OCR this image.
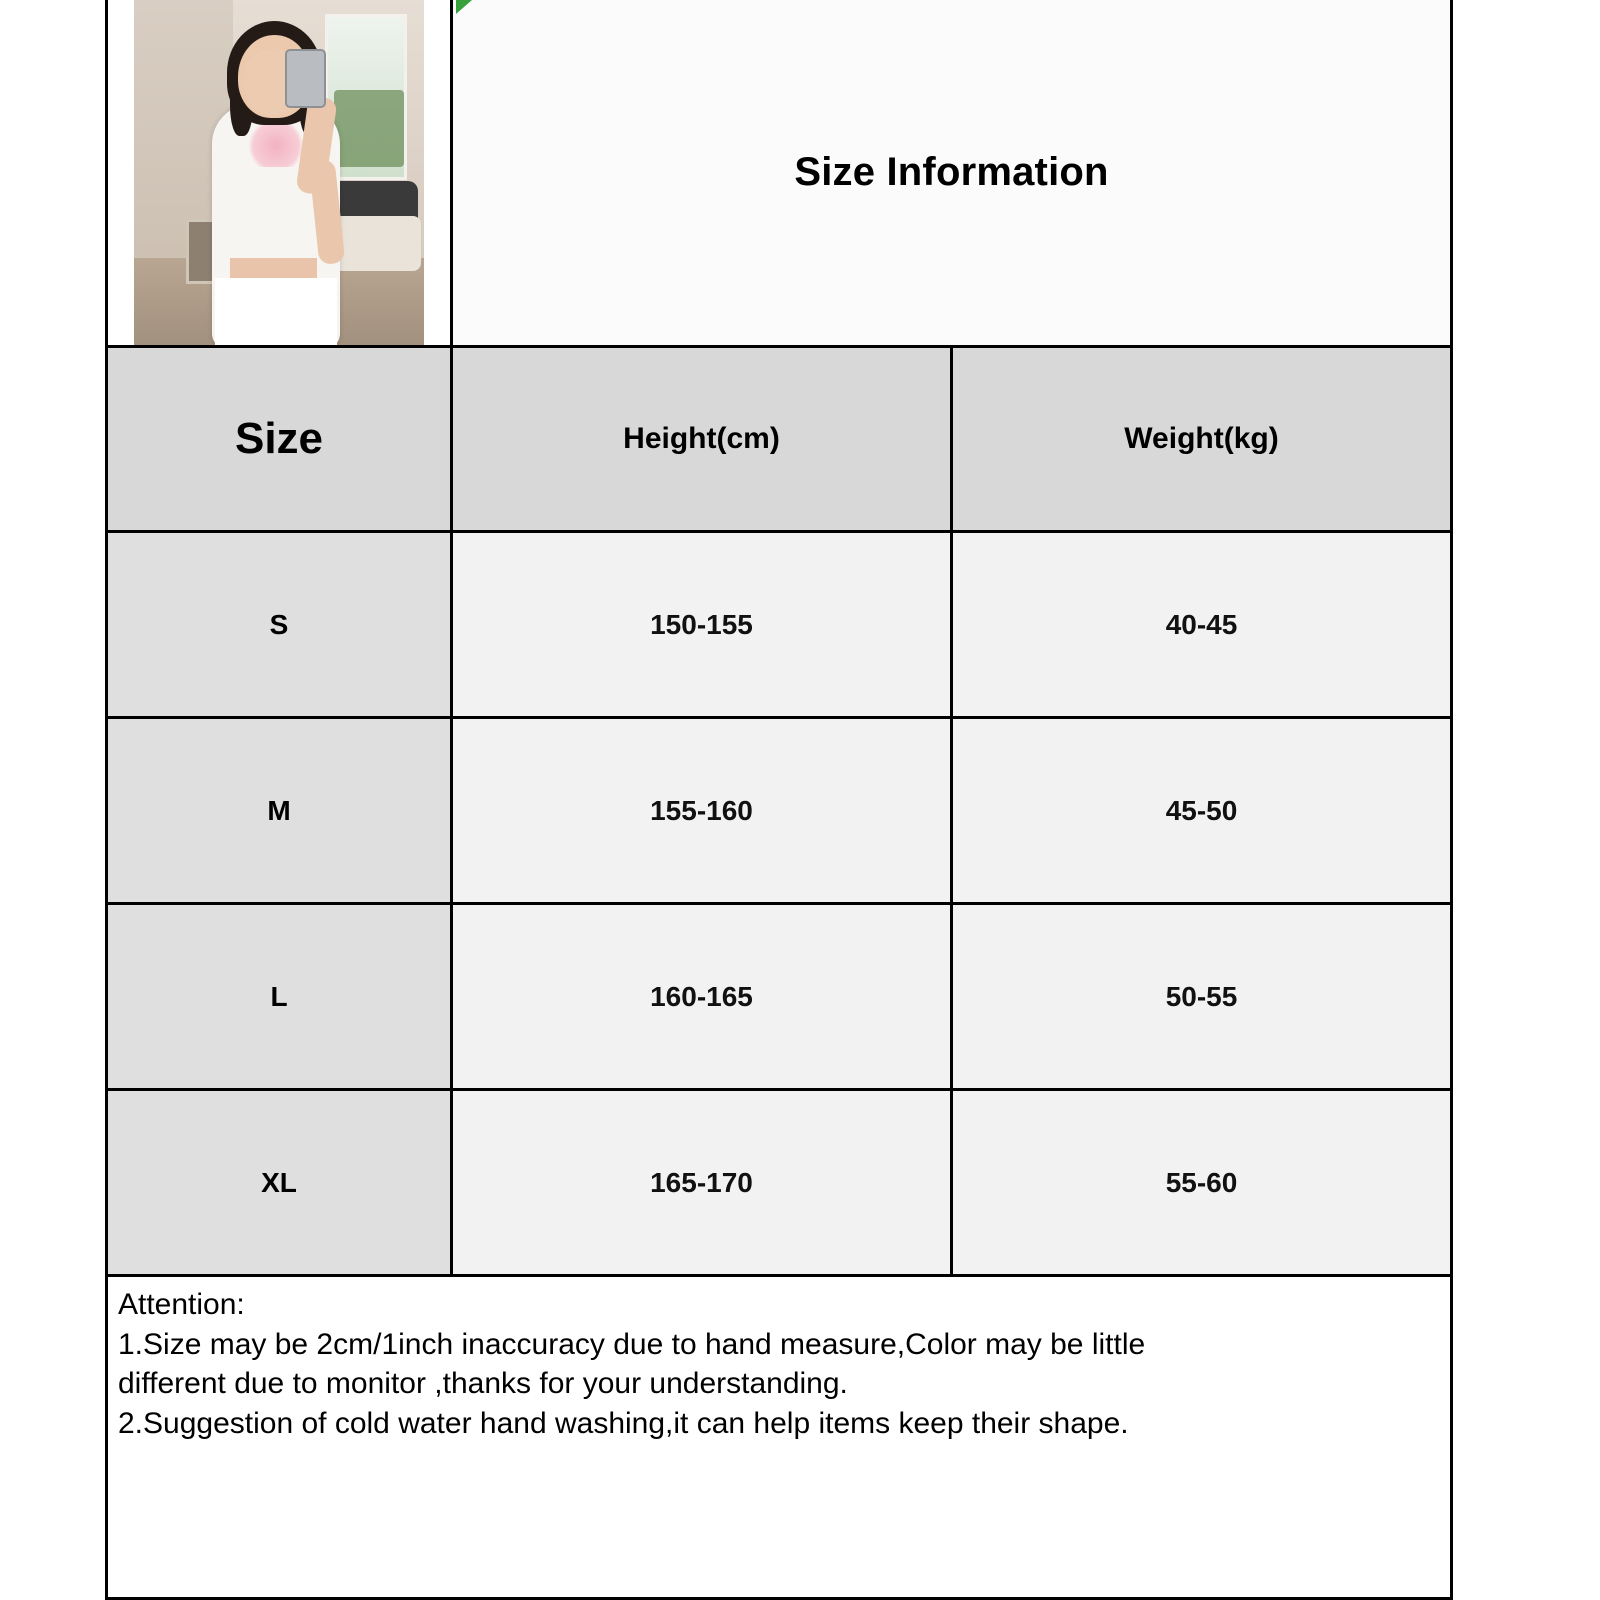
Size Information
Size	Height(cm)	Weight(kg)
S	150-155	40-45
M	155-160	45-50
L	160-165	50-55
XL	165-170	55-60

Attention:

1.Size may be 2cm/1inch inaccuracy due to hand measure,Color may be little

different due to monitor ,thanks for your understanding.

2.Suggestion of cold water hand washing,it can help items keep their shape.
